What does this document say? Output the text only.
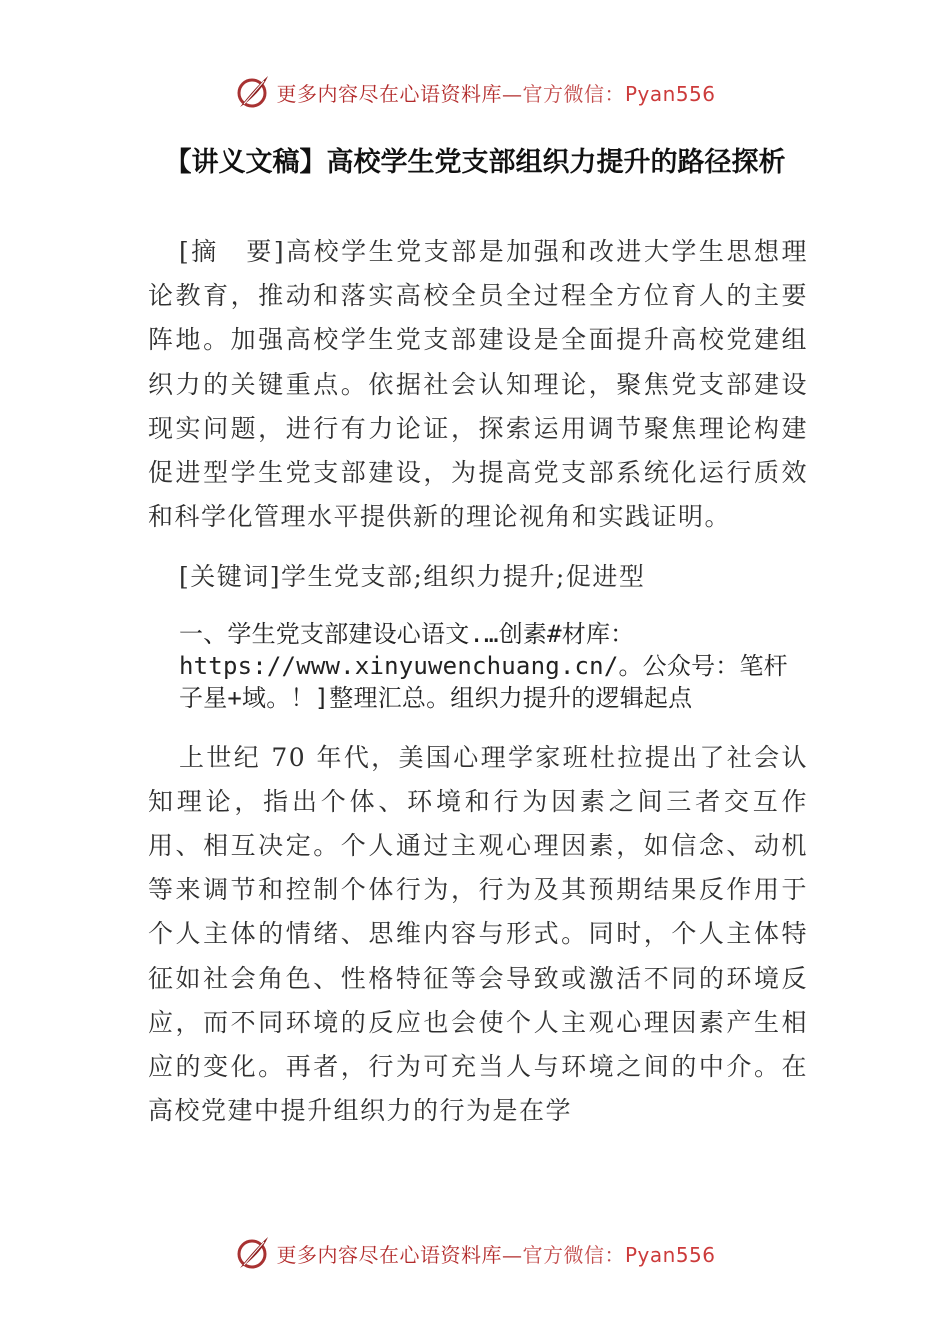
更多内容尽在心语资料库—官方微信：Pyan556
【讲义文稿】高校学生党支部组织力提升的路径探析

[摘　要]高校学生党支部是加强和改进大学生思想理论教育，推动和落实高校全员全过程全方位育人的主要阵地。加强高校学生党支部建设是全面提升高校党建组织力的关键重点。依据社会认知理论，聚焦党支部建设现实问题，进行有力论证，探索运用调节聚焦理论构建促进型学生党支部建设，为提高党支部系统化运行质效和科学化管理水平提供新的理论视角和实践证明。

[关键词]学生党支部;组织力提升;促进型

一、学生党支部建设心语文.…创素#材库：https://www.xinyuwenchuang.cn/。公众号：笔杆子星+域。！]整理汇总。组织力提升的逻辑起点

上世纪 70 年代，美国心理学家班杜拉提出了社会认知理论，指出个体、环境和行为因素之间三者交互作用、相互决定。个人通过主观心理因素，如信念、动机等来调节和控制个体行为，行为及其预期结果反作用于个人主体的情绪、思维内容与形式。同时，个人主体特征如社会角色、性格特征等会导致或激活不同的环境反应，而不同环境的反应也会使个人主观心理因素产生相应的变化。再者，行为可充当人与环境之间的中介。在高校党建中提升组织力的行为是在学

更多内容尽在心语资料库—官方微信：Pyan556
